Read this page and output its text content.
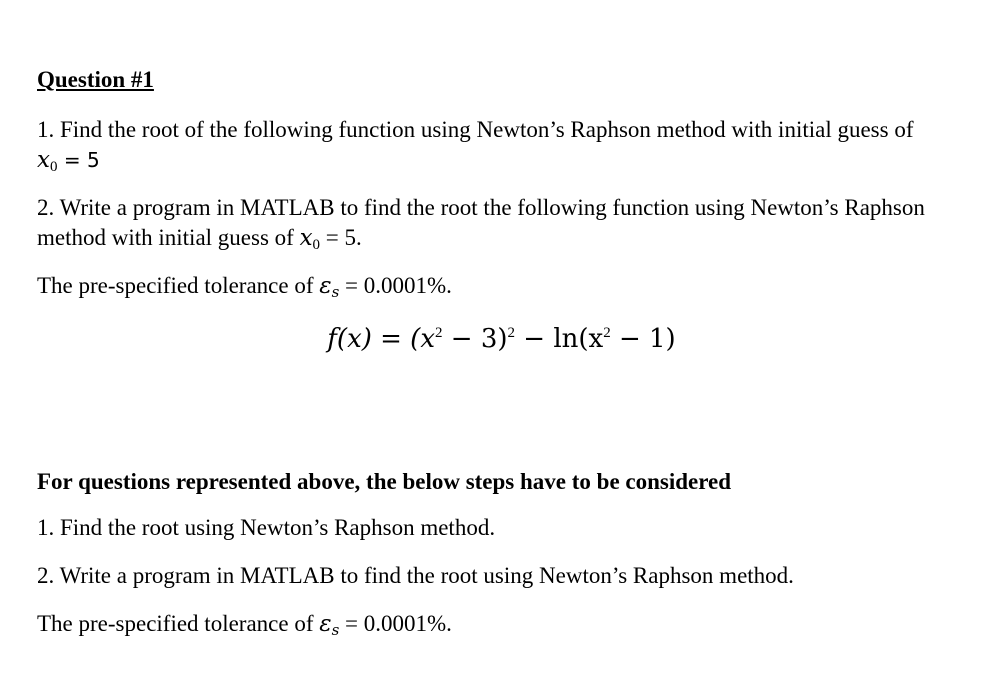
Question #1
1. Find the root of the following function using Newton’s Raphson method with initial guess of
$x_0 = 5$
2. Write a program in MATLAB to find the root the following function using Newton’s Raphson
method with initial guess of $x_0 = 5$.
The pre-specified tolerance of $\varepsilon_s = 0.0001\%$.
$f(x) = (x^2 - 3)^2 - \ln(x^2 - 1)$
For questions represented above, the below steps have to be considered
1. Find the root using Newton’s Raphson method.
2. Write a program in MATLAB to find the root using Newton’s Raphson method.
The pre-specified tolerance of $\varepsilon_s = 0.0001\%$.
